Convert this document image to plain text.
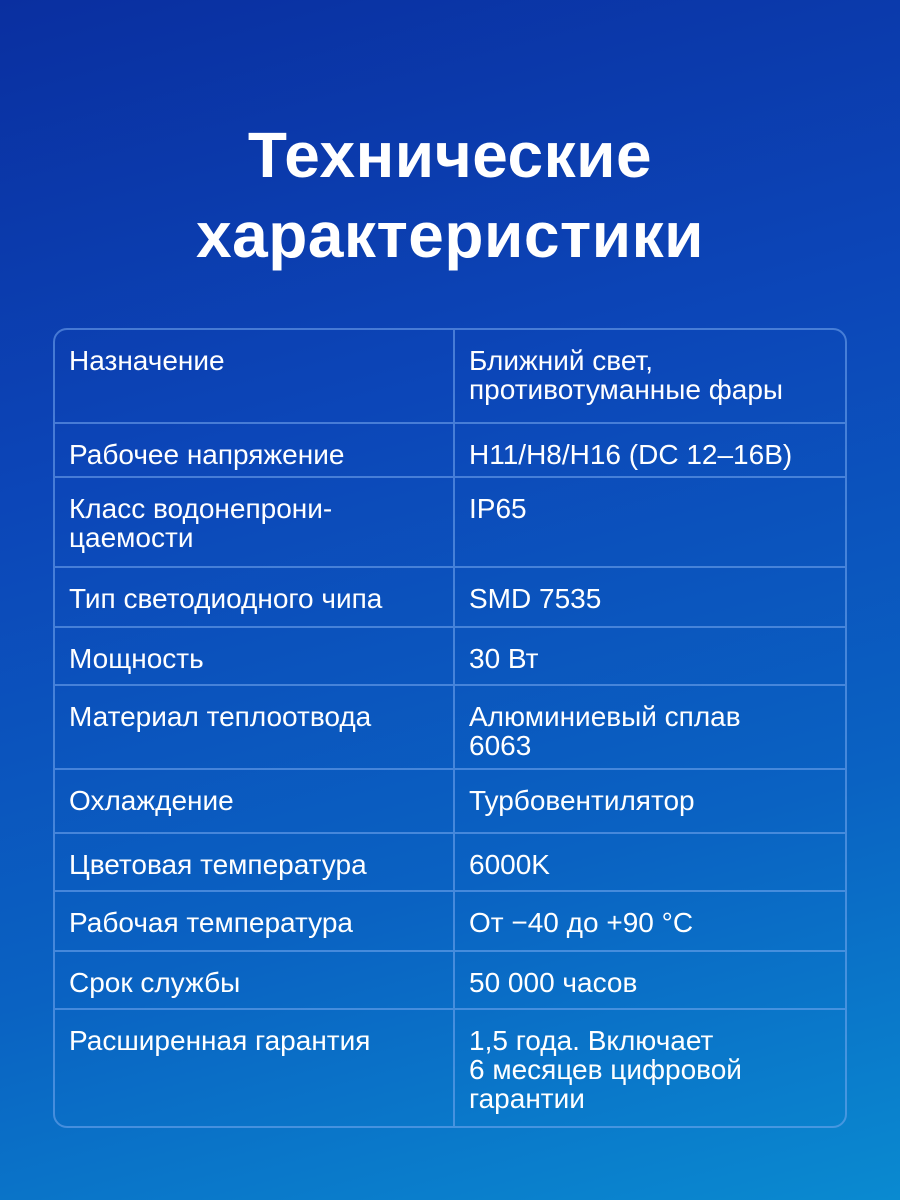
Технические
характеристики
Назначение	Ближний свет,
противотуманные фары
Рабочее напряжение	H11/H8/H16 (DC 12–16В)
Класс водонепрони-
цаемости
IP65
Тип светодиодного чипа	SMD 7535
Мощность	30 Вт
Материал теплоотвода	Алюминиевый сплав
6063
Охлаждение	Турбовентилятор
Цветовая температура	6000K
Рабочая температура	От −40 до +90 °С
Срок службы	50 000 часов
Расширенная гарантия	1,5 года. Включает
6 месяцев цифровой
гарантии
